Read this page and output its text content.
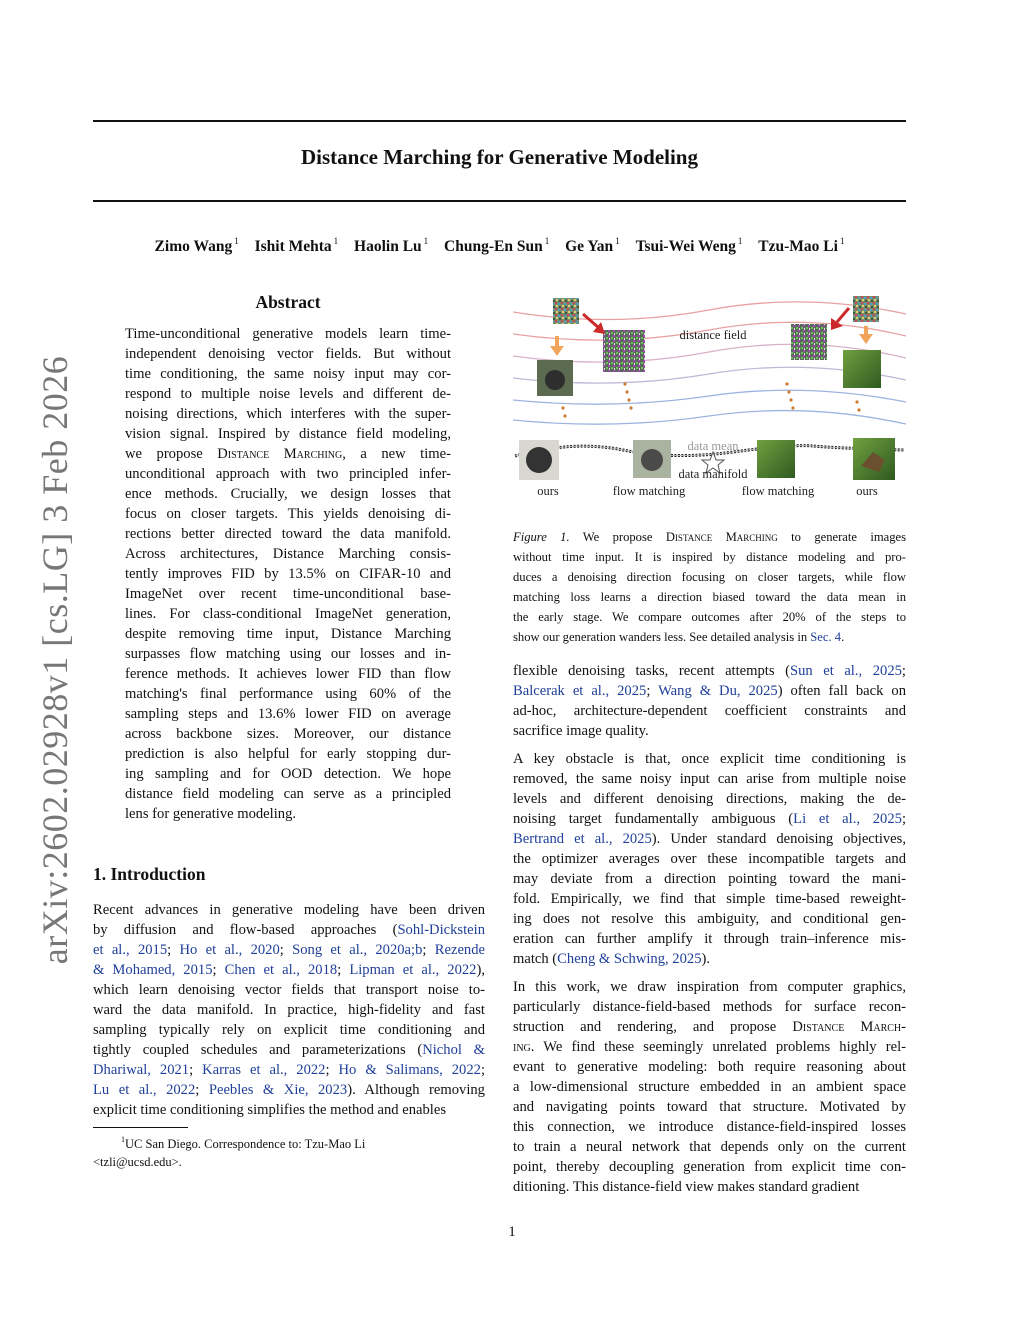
arXiv:2602.02928v1 [cs.LG] 3 Feb 2026
Distance Marching for Generative Modeling
Zimo Wang $^1$ Ishit Mehta $^1$ Haolin Lu $^1$ Chung-En Sun $^1$ Ge Yan $^1$ Tsui-Wei Weng $^1$ Tzu-Mao Li $^1$
Abstract

Time-unconditional generative models learn time-
independent denoising vector fields. But without
time conditioning, the same noisy input may cor-
respond to multiple noise levels and different de-
noising directions, which interferes with the super-
vision signal. Inspired by distance field modeling,
we propose Distance Marching, a new time-
unconditional approach with two principled infer-
ence methods. Crucially, we design losses that
focus on closer targets. This yields denoising di-
rections better directed toward the data manifold.
Across architectures, Distance Marching consis-
tently improves FID by 13.5% on CIFAR-10 and
ImageNet over recent time-unconditional base-
lines. For class-conditional ImageNet generation,
despite removing time input, Distance Marching
surpasses flow matching using our losses and in-
ference methods. It achieves lower FID than flow
matching's final performance using 60% of the
sampling steps and 13.6% lower FID on average
across backbone sizes. Moreover, our distance
prediction is also helpful for early stopping dur-
ing sampling and for OOD detection. We hope
distance field modeling can serve as a principled
lens for generative modeling.

1. Introduction

Recent advances in generative modeling have been driven
by diffusion and flow-based approaches (Sohl-Dickstein
et al., 2015; Ho et al., 2020; Song et al., 2020a;b; Rezende
& Mohamed, 2015; Chen et al., 2018; Lipman et al., 2022),
which learn denoising vector fields that transport noise to-
ward the data manifold. In practice, high-fidelity and fast
sampling typically rely on explicit time conditioning and
tightly coupled schedules and parameterizations (Nichol &
Dhariwal, 2021; Karras et al., 2022; Ho & Salimans, 2022;
Lu et al., 2022; Peebles & Xie, 2023). Although removing
explicit time conditioning simplifies the method and enables

$^1$UC San Diego. Correspondence to: Tzu-Mao Li
<tzli@ucsd.edu>.
distance field
data mean
data manifold
ours	flow matching	flow matching	ours

Figure 1. We propose Distance Marching to generate images
without time input. It is inspired by distance modeling and pro-
duces a denoising direction focusing on closer targets, while flow
matching loss learns a direction biased toward the data mean in
the early stage. We compare outcomes after 20% of the steps to
show our generation wanders less. See detailed analysis in Sec. 4.

flexible denoising tasks, recent attempts (Sun et al., 2025;
Balcerak et al., 2025; Wang & Du, 2025) often fall back on
ad-hoc, architecture-dependent coefficient constraints and
sacrifice image quality.

A key obstacle is that, once explicit time conditioning is
removed, the same noisy input can arise from multiple noise
levels and different denoising directions, making the de-
noising target fundamentally ambiguous (Li et al., 2025;
Bertrand et al., 2025). Under standard denoising objectives,
the optimizer averages over these incompatible targets and
may deviate from a direction pointing toward the mani-
fold. Empirically, we find that simple time-based reweight-
ing does not resolve this ambiguity, and conditional gen-
eration can further amplify it through train–inference mis-
match (Cheng & Schwing, 2025).

In this work, we draw inspiration from computer graphics,
particularly distance-field-based methods for surface recon-
struction and rendering, and propose Distance March-
ing. We find these seemingly unrelated problems highly rel-
evant to generative modeling: both require reasoning about
a low-dimensional structure embedded in an ambient space
and navigating points toward that structure. Motivated by
this connection, we introduce distance-field-inspired losses
to train a neural network that depends only on the current
point, thereby decoupling generation from explicit time con-
ditioning. This distance-field view makes standard gradient

1
